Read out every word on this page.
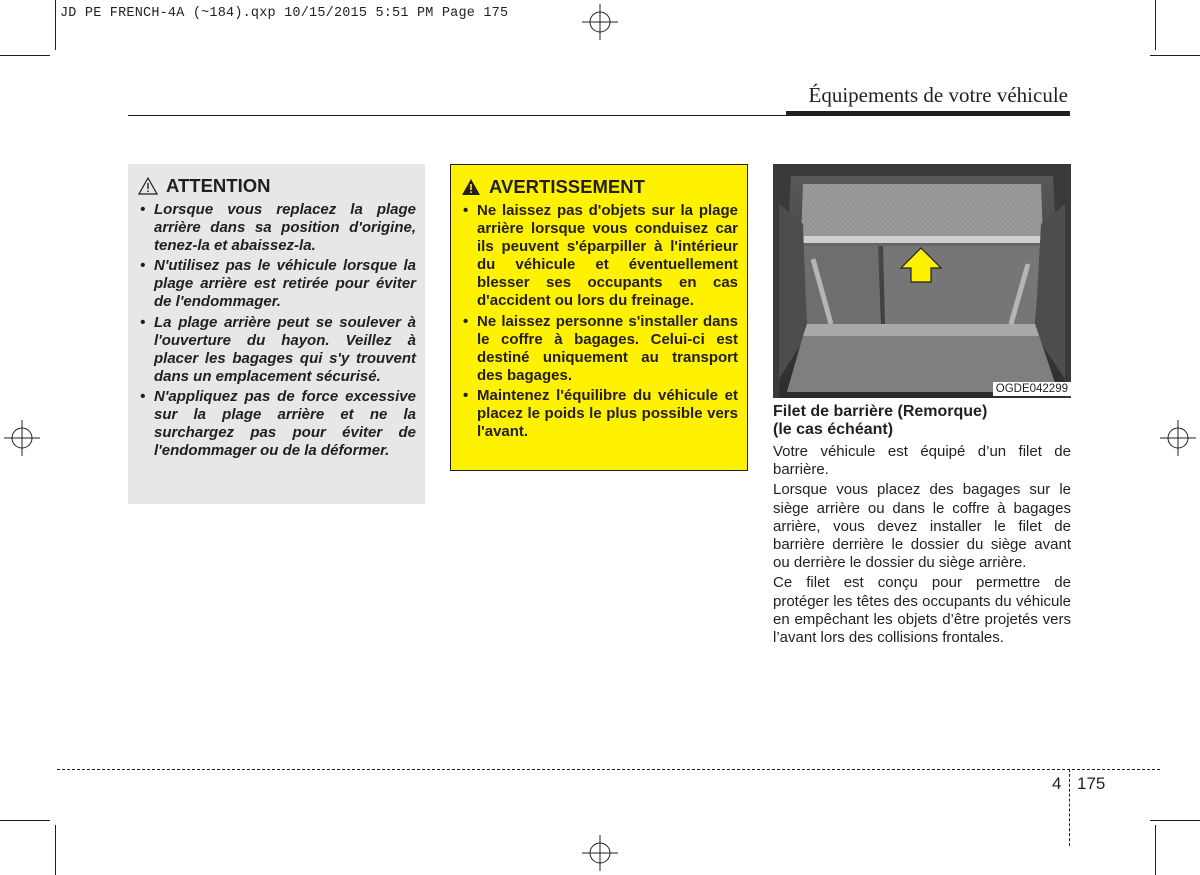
JD PE FRENCH-4A (~184).qxp 10/15/2015 5:51 PM Page 175
Équipements de votre véhicule
ATTENTION
• Lorsque vous replacez la plage arrière dans sa position d'origine, tenez-la et abaissez-la.
• N'utilisez pas le véhicule lorsque la plage arrière est retirée pour éviter de l'endommager.
• La plage arrière peut se soulever à l'ouverture du hayon. Veillez à placer les bagages qui s'y trouvent dans un emplacement sécurisé.
• N'appliquez pas de force excessive sur la plage arrière et ne la surchargez pas pour éviter de l'endommager ou de la déformer.
AVERTISSEMENT
• Ne laissez pas d'objets sur la plage arrière lorsque vous conduisez car ils peuvent s'éparpiller à l'intérieur du véhicule et éventuellement blesser ses occupants en cas d'accident ou lors du freinage.
• Ne laissez personne s'installer dans le coffre à bagages. Celui-ci est destiné uniquement au transport des bagages.
• Maintenez l'équilibre du véhicule et placez le poids le plus possible vers l'avant.
OGDE042299
Filet de barrière (Remorque)
(le cas échéant)

Votre véhicule est équipé d’un filet de barrière.

Lorsque vous placez des bagages sur le siège arrière ou dans le coffre à bagages arrière, vous devez installer le filet de barrière derrière le dossier du siège avant ou derrière le dossier du siège arrière.

Ce filet est conçu pour permettre de protéger les têtes des occupants du véhicule en empêchant les objets d’être projetés vers l’avant lors des collisions frontales.

4 175
